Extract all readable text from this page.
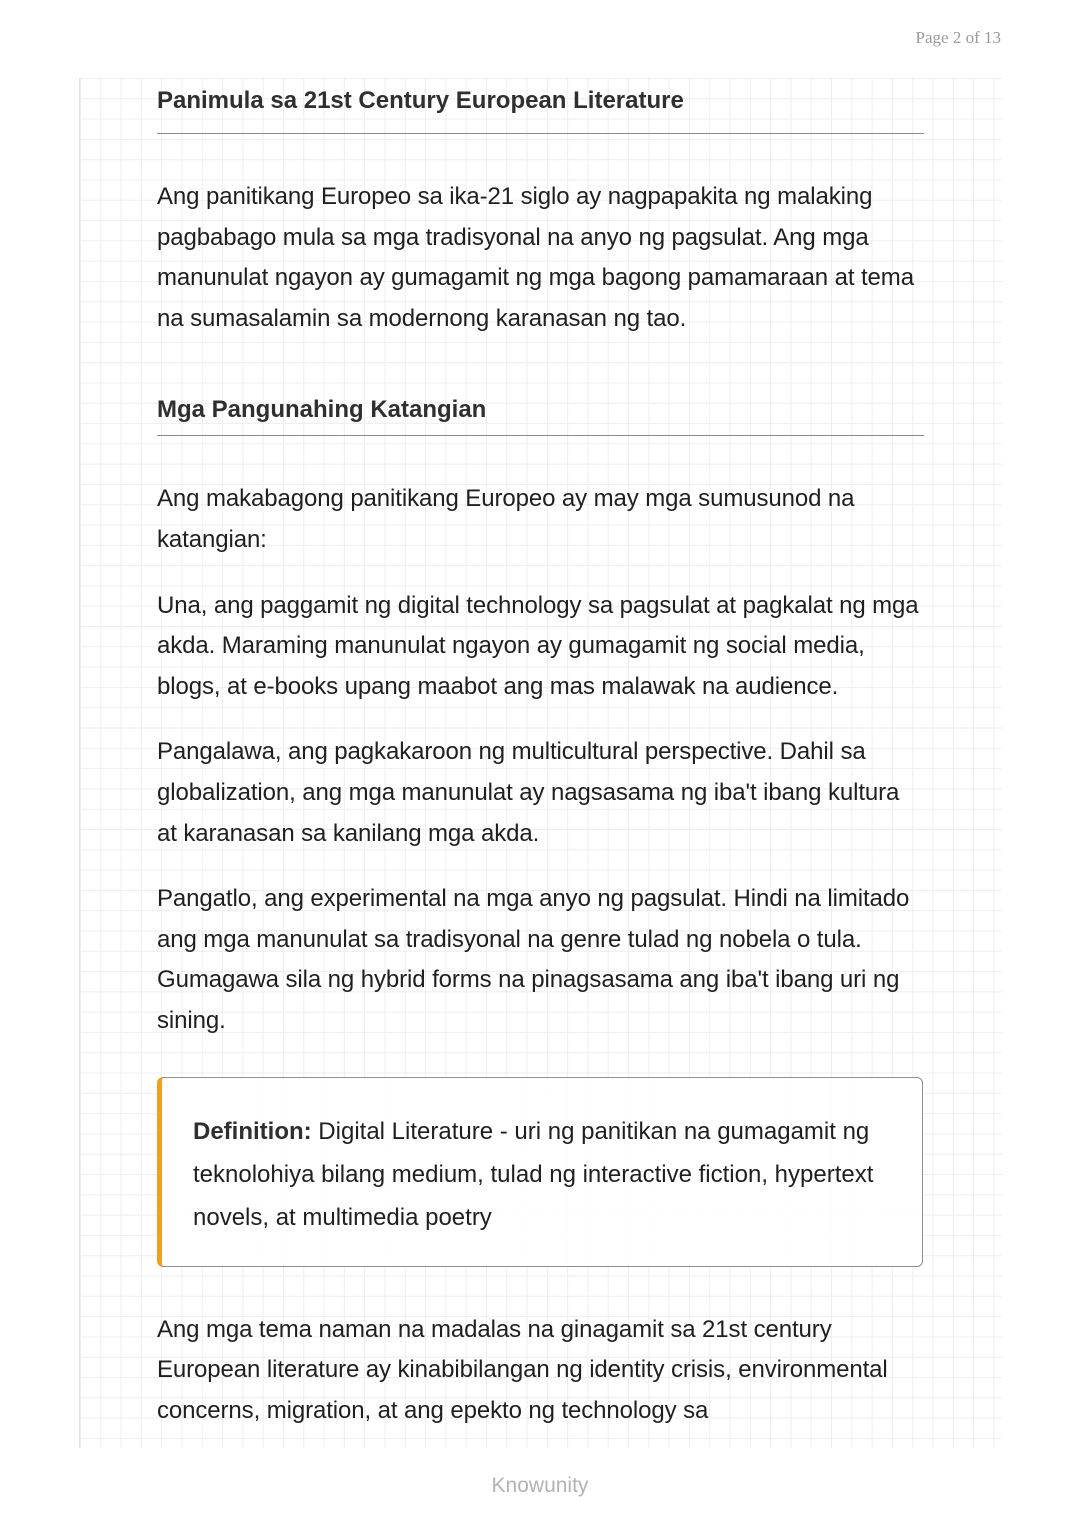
Page 2 of 13
Panimula sa 21st Century European Literature

Ang panitikang Europeo sa ika-21 siglo ay nagpapakita ng malaking pagbabago mula sa mga tradisyonal na anyo ng pagsulat. Ang mga manunulat ngayon ay gumagamit ng mga bagong pamamaraan at tema na sumasalamin sa modernong karanasan ng tao.

Mga Pangunahing Katangian

Ang makabagong panitikang Europeo ay may mga sumusunod na katangian:

Una, ang paggamit ng digital technology sa pagsulat at pagkalat ng mga akda. Maraming manunulat ngayon ay gumagamit ng social media, blogs, at e-books upang maabot ang mas malawak na audience.

Pangalawa, ang pagkakaroon ng multicultural perspective. Dahil sa globalization, ang mga manunulat ay nagsasama ng iba't ibang kultura at karanasan sa kanilang mga akda.

Pangatlo, ang experimental na mga anyo ng pagsulat. Hindi na limitado ang mga manunulat sa tradisyonal na genre tulad ng nobela o tula. Gumagawa sila ng hybrid forms na pinagsasama ang iba't ibang uri ng sining.

Definition: Digital Literature - uri ng panitikan na gumagamit ng teknolohiya bilang medium, tulad ng interactive fiction, hypertext novels, at multimedia poetry

Ang mga tema naman na madalas na ginagamit sa 21st century European literature ay kinabibilangan ng identity crisis, environmental concerns, migration, at ang epekto ng technology sa

Knowunity
